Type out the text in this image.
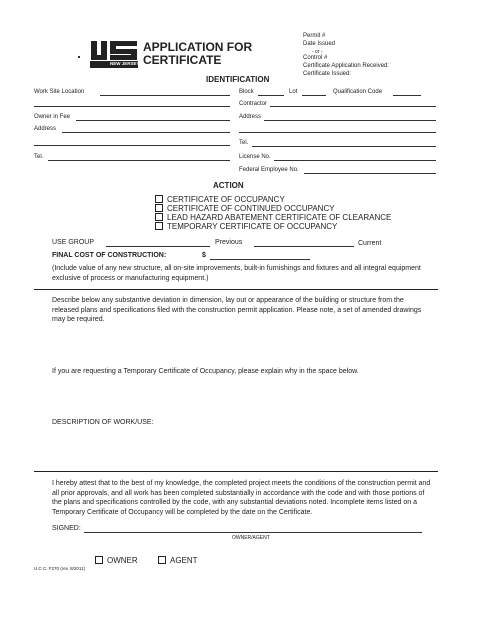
NEW JERSEY
APPLICATION FOR
CERTIFICATE
Permit #
Date Issued
- or -
Control #
Certificate Application Received:
Certificate Issued:
IDENTIFICATION
Work Site Location	Block	Lot	Qualification Code
Contractor
Owner in Fee	Address
Address
Tel.
Tel.	License No.
Federal Employee No.
ACTION
CERTIFICATE OF OCCUPANCY
CERTIFICATE OF CONTINUED OCCUPANCY
LEAD HAZARD ABATEMENT CERTIFICATE OF CLEARANCE
TEMPORARY CERTIFICATE OF OCCUPANCY
USE GROUP	Previous	Current
FINAL COST OF CONSTRUCTION:	$
(Include value of any new structure, all on-site improvements, built-in furnishings and fixtures and all integral equipment exclusive of process or manufacturing equipment.)
Describe below any substantive deviation in dimension, lay out or appearance of the building or structure from the released plans and specifications filed with the construction permit application. Please note, a set of amended drawings may be required.
If you are requesting a Temporary Certificate of Occupancy, please explain why in the space below.
DESCRIPTION OF WORK/USE:
I hereby attest that to the best of my knowledge, the completed project meets the conditions of the construction permit and all prior approvals, and all work has been completed substantially in accordance with the code and with those portions of the plans and specifications controlled by the code, with any substantial deviations noted. Incomplete items listed on a Temporary Certificate of Occupancy will be completed by the date on the Certificate.
SIGNED:
OWNER/AGENT
OWNER	AGENT
U.C.C. F270 (rev. 8/2011)
